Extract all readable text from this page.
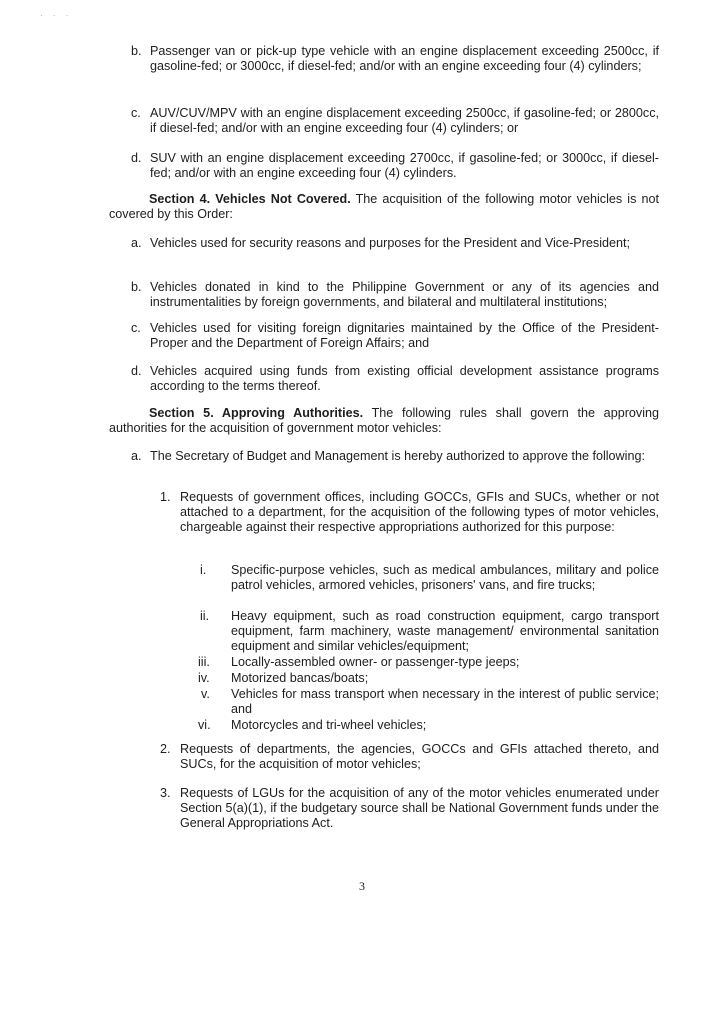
· · ·
b. Passenger van or pick-up type vehicle with an engine displacement exceeding 2500cc, if gasoline-fed; or 3000cc, if diesel-fed; and/or with an engine exceeding four (4) cylinders;
c. AUV/CUV/MPV with an engine displacement exceeding 2500cc, if gasoline-fed; or 2800cc, if diesel-fed; and/or with an engine exceeding four (4) cylinders; or
d. SUV with an engine displacement exceeding 2700cc, if gasoline-fed; or 3000cc, if diesel-fed; and/or with an engine exceeding four (4) cylinders.
Section 4. Vehicles Not Covered. The acquisition of the following motor vehicles is not covered by this Order:
a. Vehicles used for security reasons and purposes for the President and Vice-President;
b. Vehicles donated in kind to the Philippine Government or any of its agencies and instrumentalities by foreign governments, and bilateral and multilateral institutions;
c. Vehicles used for visiting foreign dignitaries maintained by the Office of the President-Proper and the Department of Foreign Affairs; and
d. Vehicles acquired using funds from existing official development assistance programs according to the terms thereof.
Section 5. Approving Authorities. The following rules shall govern the approving authorities for the acquisition of government motor vehicles:
a. The Secretary of Budget and Management is hereby authorized to approve the following:
1. Requests of government offices, including GOCCs, GFIs and SUCs, whether or not attached to a department, for the acquisition of the following types of motor vehicles, chargeable against their respective appropriations authorized for this purpose:
i.	Specific-purpose vehicles, such as medical ambulances, military and police patrol vehicles, armored vehicles, prisoners' vans, and fire trucks;
ii.	Heavy equipment, such as road construction equipment, cargo transport equipment, farm machinery, waste management/ environmental sanitation equipment and similar vehicles/equipment;
iii.	Locally-assembled owner- or passenger-type jeeps;
iv.	Motorized bancas/boats;
v.	Vehicles for mass transport when necessary in the interest of public service; and
vi.	Motorcycles and tri-wheel vehicles;
2. Requests of departments, the agencies, GOCCs and GFIs attached thereto, and SUCs, for the acquisition of motor vehicles;
3. Requests of LGUs for the acquisition of any of the motor vehicles enumerated under Section 5(a)(1), if the budgetary source shall be National Government funds under the General Appropriations Act.
3
